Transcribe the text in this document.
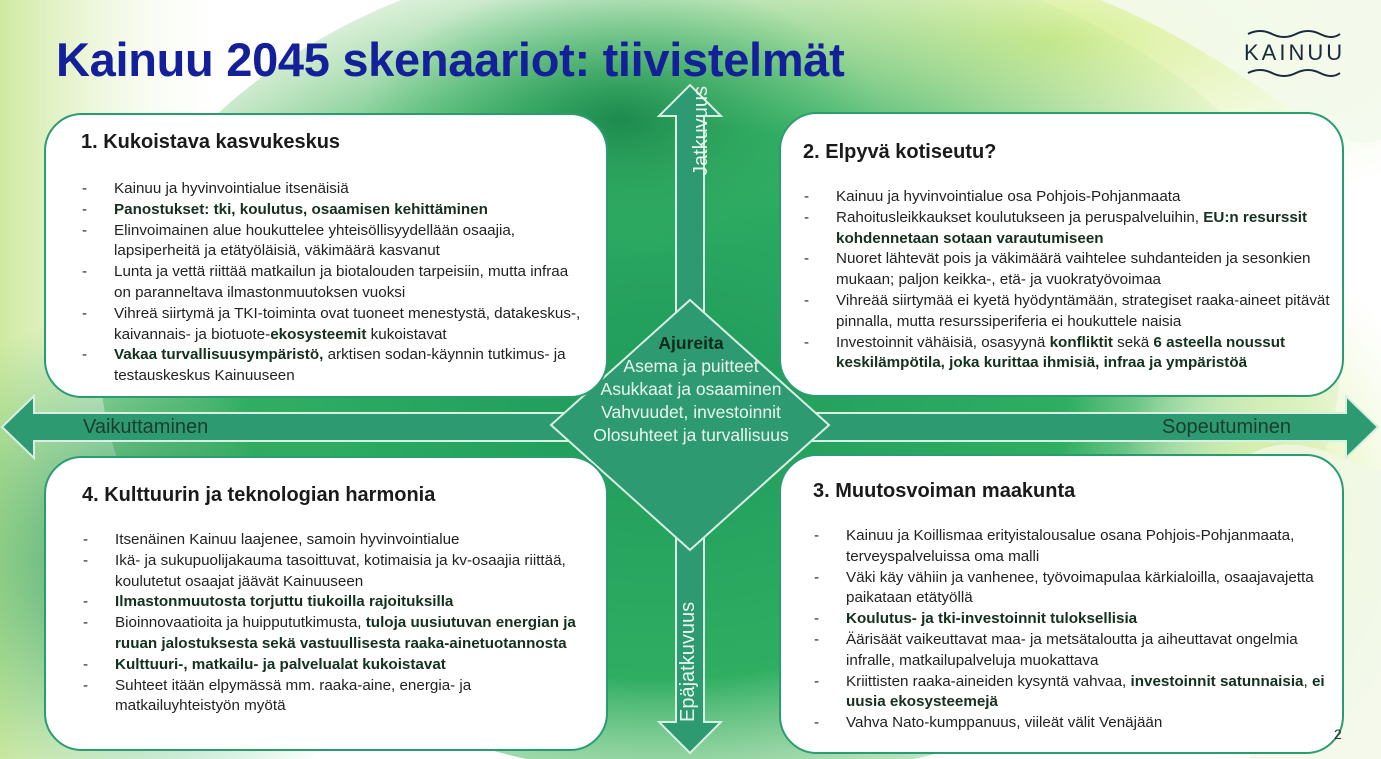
Kainuu 2045 skenaariot: tiivistelmät	KAINUU
Vaikuttaminen	Sopeutuminen
Jatkuvuus
Epäjatkuvuus
Ajureita
Asema ja puitteet
Asukkaat ja osaaminen
Vahvuudet, investoinnit
Olosuhteet ja turvallisuus
1. Kukoistava kasvukeskus
- Kainuu ja hyvinvointialue itsenäisiä
- Panostukset: tki, koulutus, osaamisen kehittäminen
- Elinvoimainen alue houkuttelee yhteisöllisyydellään osaajia, lapsiperheitä ja etätyöläisiä, väkimäärä kasvanut
- Lunta ja vettä riittää matkailun ja biotalouden tarpeisiin, mutta infraa on paranneltava ilmastonmuutoksen vuoksi
- Vihreä siirtymä ja TKI-toiminta ovat tuoneet menestystä, datakeskus-, kaivannais- ja biotuote-ekosysteemit kukoistavat
- Vakaa turvallisuusympäristö, arktisen sodan-käynnin tutkimus- ja testauskeskus Kainuuseen
2. Elpyvä kotiseutu?
- Kainuu ja hyvinvointialue osa Pohjois-Pohjanmaata
- Rahoitusleikkaukset koulutukseen ja peruspalveluihin, EU:n resurssit kohdennetaan sotaan varautumiseen
- Nuoret lähtevät pois ja väkimäärä vaihtelee suhdanteiden ja sesonkien mukaan; paljon keikka-, etä- ja vuokratyövoimaa
- Vihreää siirtymää ei kyetä hyödyntämään, strategiset raaka-aineet pitävät pinnalla, mutta resurssiperiferia ei houkuttele naisia
- Investoinnit vähäisiä, osasyynä konfliktit sekä 6 asteella noussut keskilämpötila, joka kurittaa ihmisiä, infraa ja ympäristöä
3. Muutosvoiman maakunta
- Kainuu ja Koillismaa erityistalousalue osana Pohjois-Pohjanmaata, terveyspalveluissa oma malli
- Väki käy vähiin ja vanhenee, työvoimapulaa kärkialoilla, osaajavajetta paikataan etätyöllä
- Koulutus- ja tki-investoinnit tuloksellisia
- Äärisäät vaikeuttavat maa- ja metsätaloutta ja aiheuttavat ongelmia infralle, matkailupalveluja muokattava
- Kriittisten raaka-aineiden kysyntä vahvaa, investoinnit satunnaisia, ei uusia ekosysteemejä
- Vahva Nato-kumppanuus, viileät välit Venäjään
4. Kulttuurin ja teknologian harmonia
- Itsenäinen Kainuu laajenee, samoin hyvinvointialue
- Ikä- ja sukupuolijakauma tasoittuvat, kotimaisia ja kv-osaajia riittää, koulutetut osaajat jäävät Kainuuseen
- Ilmastonmuutosta torjuttu tiukoilla rajoituksilla
- Bioinnovaatioita ja huippututkimusta, tuloja uusiutuvan energian ja ruuan jalostuksesta sekä vastuullisesta raaka-ainetuotannosta
- Kulttuuri-, matkailu- ja palvelualat kukoistavat
- Suhteet itään elpymässä mm. raaka-aine, energia- ja matkailuyhteistyön myötä
2
